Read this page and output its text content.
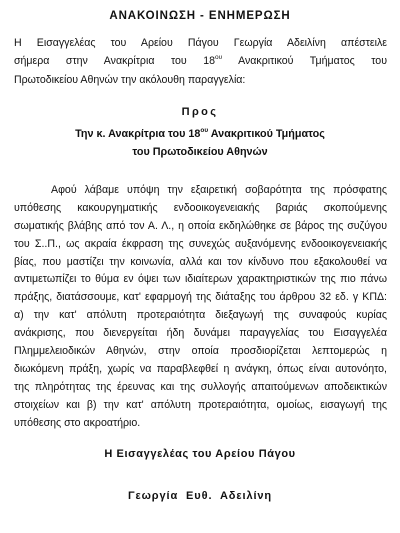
ΑΝΑΚΟΙΝΩΣΗ - ΕΝΗΜΕΡΩΣΗ
Η Εισαγγελέας του Αρείου Πάγου Γεωργία Αδειλίνη απέστειλε
σήμερα στην Ανακρίτρια του $18^{o\upsilon}$ Ανακριτικού Τμήματος του
Πρωτοδικείου Αθηνών την ακόλουθη παραγγελία:
Προς
Την κ. Ανακρίτρια του $18^{o\upsilon}$ Ανακριτικού Τμήματος
του Πρωτοδικείου Αθηνών
Αφού λάβαμε υπόψη την εξαιρετική σοβαρότητα της πρόσφατης
υπόθεσης κακουργηματικής ενδοοικογενειακής βαριάς σκοπούμενης
σωματικής βλάβης από τον Α. Λ., η οποία εκδηλώθηκε σε βάρος της συζύγου
του Σ..Π., ως ακραία έκφραση της συνεχώς αυξανόμενης ενδοοικογενειακής
βίας, που μαστίζει την κοινωνία, αλλά και τον κίνδυνο που εξακολουθεί να
αντιμετωπίζει το θύμα εν όψει των ιδιαίτερων χαρακτηριστικών της πιο πάνω
πράξης, διατάσσουμε, κατ' εφαρμογή της διάταξης του άρθρου 32 εδ. γ ΚΠΔ:
α) την κατ' απόλυτη προτεραιότητα διεξαγωγή της συναφούς κυρίας
ανάκρισης, που διενεργείται ήδη δυνάμει παραγγελίας του Εισαγγελέα
Πλημμελειοδικών Αθηνών, στην οποία προσδιορίζεται λεπτομερώς η
διωκόμενη πράξη, χωρίς να παραβλεφθεί η ανάγκη, όπως είναι αυτονόητο,
της πληρότητας της έρευνας και της συλλογής απαιτούμενων αποδεικτικών
στοιχείων και β) την κατ' απόλυτη προτεραιότητα, ομοίως, εισαγωγή της
υπόθεσης στο ακροατήριο.
Η Εισαγγελέας του Αρείου Πάγου
Γεωργία Ευθ. Αδειλίνη
